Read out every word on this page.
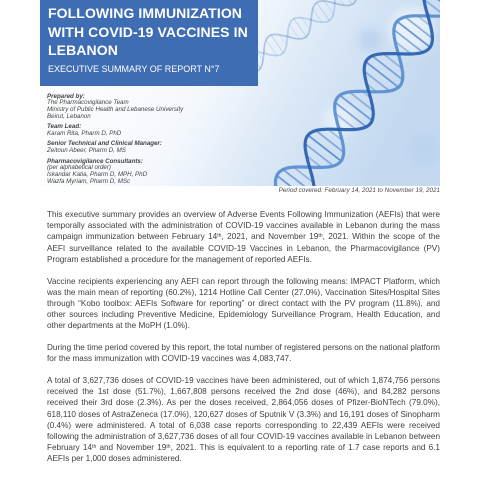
FOLLOWING IMMUNIZATION
WITH COVID-19 VACCINES IN
LEBANON
EXECUTIVE SUMMARY OF REPORT N°7
Prepared by:
The Pharmacovigilance Team
Ministry of Public Health and Lebanese University
Beirut, Lebanon
Team Lead:
Karam Rita, Pharm D, PhD
Senior Technical and Clinical Manager:
Zeitoun Abeer, Pharm D, MS
Pharmacovigilance Consultants:
(per alphabetical order)
Iskandar Katia, Pharm D, MPH, PhD
Wazfa Myriam, Pharm D, MSc
Period covered: February 14, 2021 to November 19, 2021

This executive summary provides an overview of Adverse Events Following Immunization (AEFIs) that were temporally associated with the administration of COVID-19 vaccines available in Lebanon during the mass campaign immunization between February 14th, 2021, and November 19th, 2021. Within the scope of the AEFI surveillance related to the available COVID-19 Vaccines in Lebanon, the Pharmacovigilance (PV) Program established a procedure for the management of reported AEFIs.

Vaccine recipients experiencing any AEFI can report through the following means: IMPACT Platform, which was the main mean of reporting (60.2%), 1214 Hotline Call Center (27.0%), Vaccination Sites/Hospital Sites through “Kobo toolbox: AEFIs Software for reporting” or direct contact with the PV program (11.8%), and other sources including Preventive Medicine, Epidemiology Surveillance Program, Health Education, and other departments at the MoPH (1.0%).

During the time period covered by this report, the total number of registered persons on the national platform for the mass immunization with COVID-19 vaccines was 4,083,747.

A total of 3,627,736 doses of COVID-19 vaccines have been administered, out of which 1,874,756 persons received the 1st dose (51.7%), 1,667,808 persons received the 2nd dose (46%), and 84,282 persons received their 3rd dose (2.3%). As per the doses received, 2,864,056 doses of Pfizer-BioNTech (79.0%), 618,110 doses of AstraZeneca (17.0%), 120,627 doses of Sputnik V (3.3%) and 16,191 doses of Sinopharm (0.4%) were administered. A total of 6,038 case reports corresponding to 22,439 AEFIs were received following the administration of 3,627,736 doses of all four COVID-19 vaccines available in Lebanon between February 14th and November 19th, 2021. This is equivalent to a reporting rate of 1.7 case reports and 6.1 AEFIs per 1,000 doses administered.
